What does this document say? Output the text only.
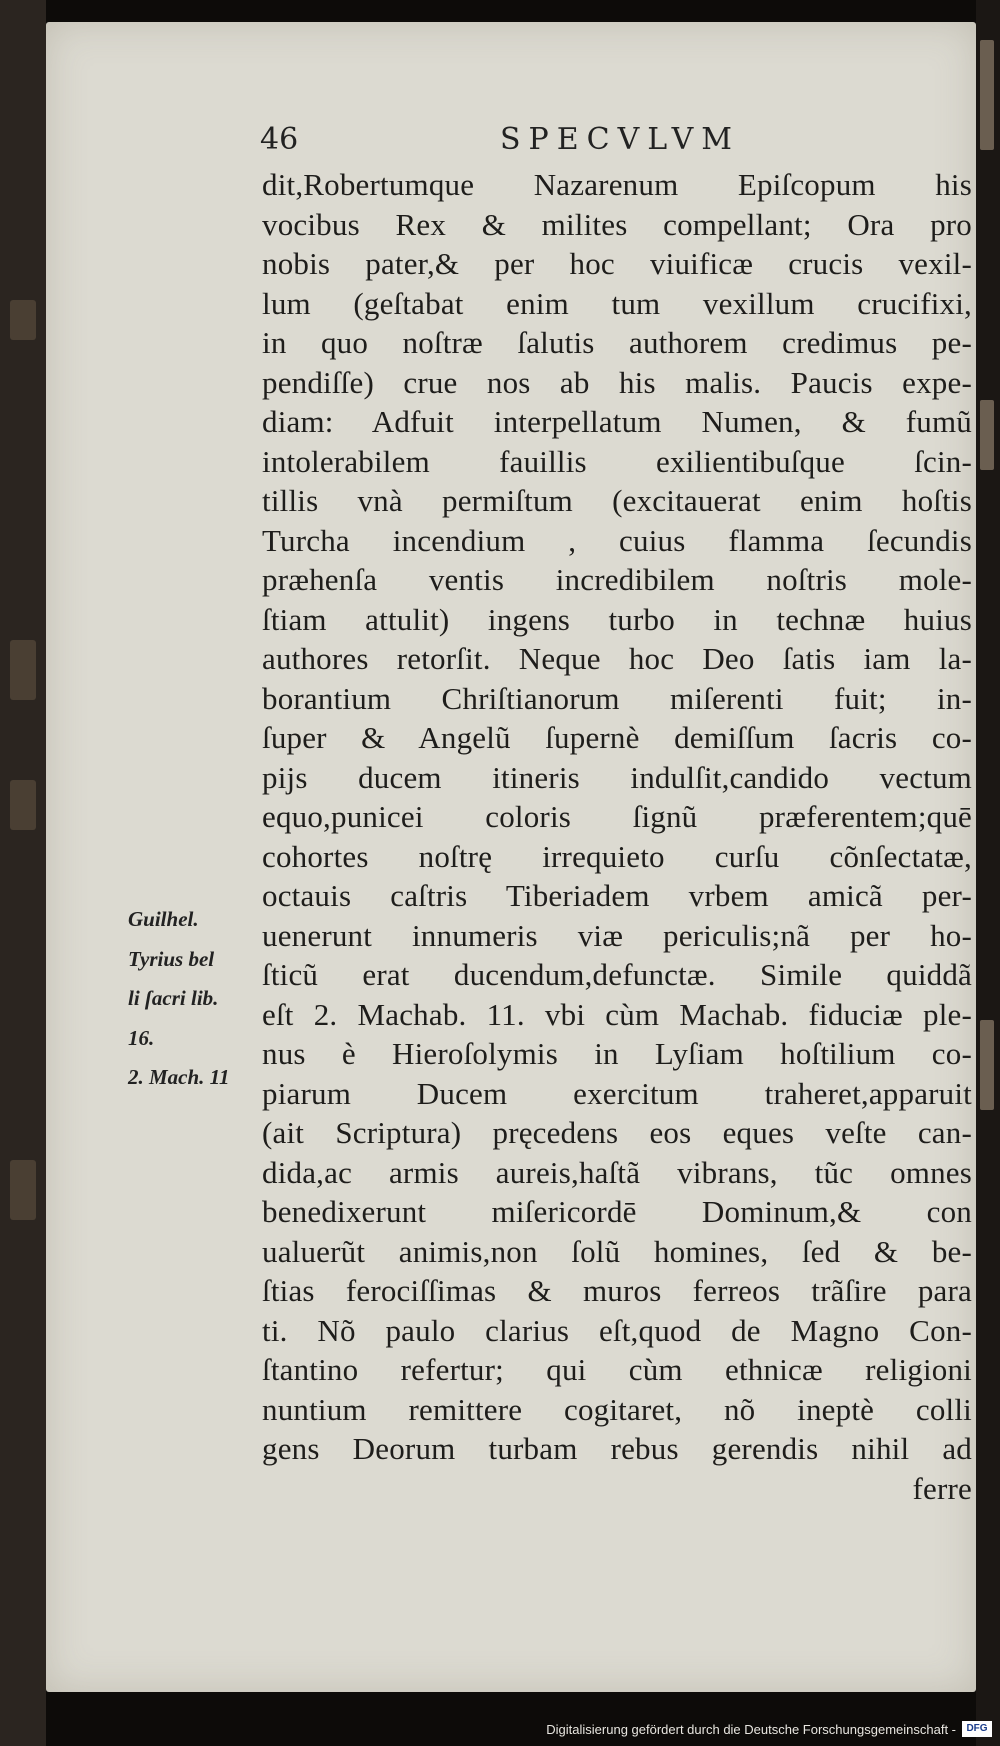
46	SPECVLVM
dit,Robertumque Nazarenum Epiſcopum his
vocibus Rex & milites compellant; Ora pro
nobis pater,& per hoc viuificæ crucis vexil-
lum (geſtabat enim tum vexillum crucifixi,
in quo noſtræ ſalutis authorem credimus pe-
pendiſſe) crue nos ab his malis. Paucis expe-
diam: Adfuit interpellatum Numen, & fumũ
intolerabilem fauillis exilientibuſque ſcin-
tillis vnà permiſtum (excitauerat enim hoſtis
Turcha incendium , cuius flamma ſecundis
præhenſa ventis incredibilem noſtris mole-
ſtiam attulit) ingens turbo in technæ huius
authores retorſit. Neque hoc Deo ſatis iam la-
borantium Chriſtianorum miſerenti fuit; in-
ſuper & Angelũ ſupernè demiſſum ſacris co-
pijs ducem itineris indulſit,candido vectum
equo,punicei coloris ſignũ præferentem;quē
cohortes noſtrę irrequieto curſu cõnſectatæ,
octauis caſtris Tiberiadem vrbem amicã per-
uenerunt innumeris viæ periculis;nã per ho-
ſticũ erat ducendum,defunctæ. Simile quiddã
eſt 2. Machab. 11. vbi cùm Machab. fiduciæ ple-
nus è Hieroſolymis in Lyſiam hoſtilium co-
piarum Ducem exercitum traheret,apparuit
(ait Scriptura) pręcedens eos eques veſte can-
dida,ac armis aureis,haſtã vibrans, tũc omnes
benedixerunt miſericordē Dominum,& con
ualuerũt animis,non ſolũ homines, ſed & be-
ſtias ferociſſimas & muros ferreos trãſire para
ti. Nõ paulo clarius eſt,quod de Magno Con-
ſtantino refertur; qui cùm ethnicæ religioni
nuntium remittere cogitaret, nõ ineptè colli
gens Deorum turbam rebus gerendis nihil ad
ferre
Guilhel.
Tyrius bel
li ſacri lib.
16.
2. Mach. 11
Digitalisierung gefördert durch die Deutsche Forschungsgemeinschaft -	DFG
